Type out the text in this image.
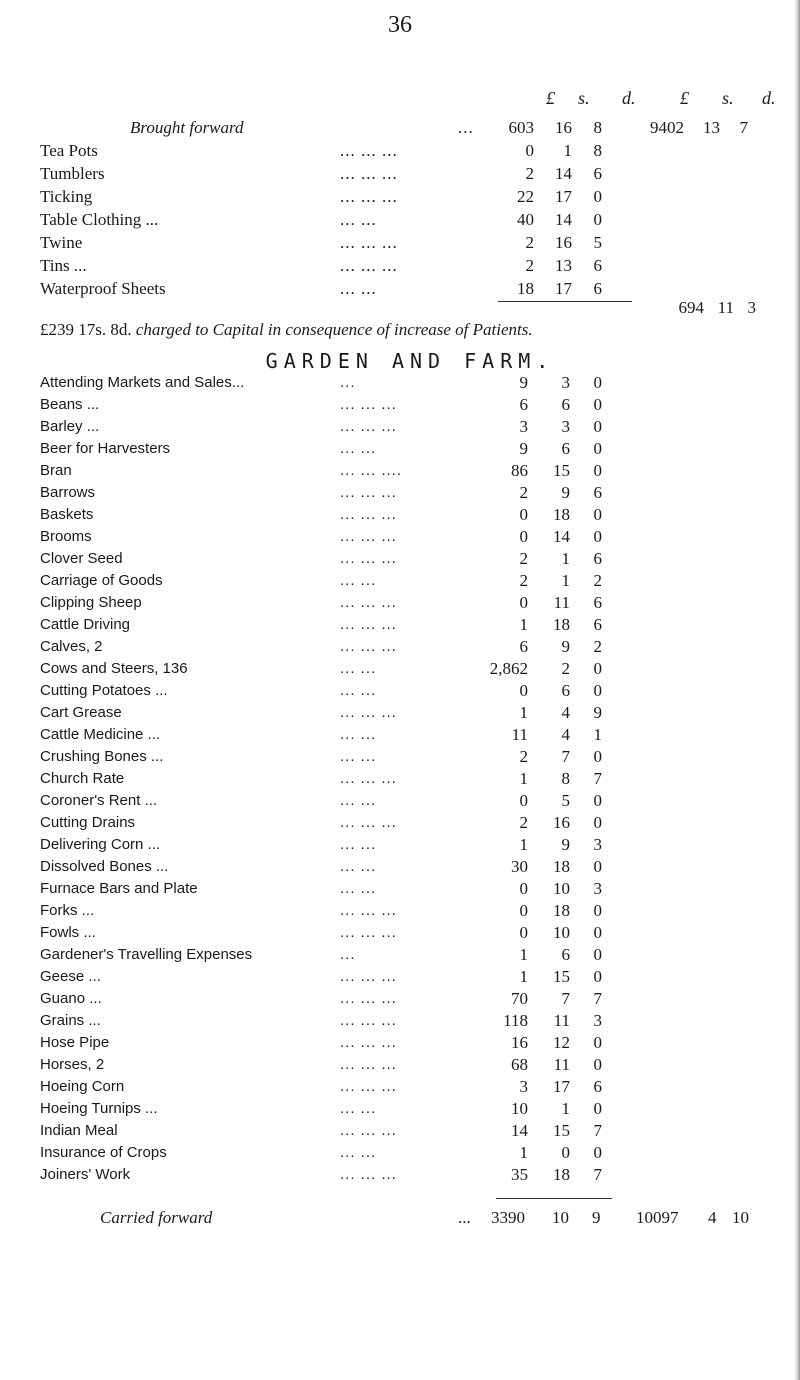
36
£ s. d. £ s. d.
Brought forward	...	603	16	8	9402	13	7
Tea Pots	... ... ...	0	1	8
Tumblers	... ... ...	2	14	6
Ticking	... ... ...	22	17	0
Table Clothing ...	... ...	40	14	0
Twine	... ... ...	2	16	5
Tins ...	... ... ...	2	13	6
Waterproof Sheets	... ...	18	17	6
694 11 3
£239 17s. 8d. charged to Capital in consequence of increase of Patients.
GARDEN AND FARM.
Attending Markets and Sales...	...	9	3	0
Beans ...	... ... ...	6	6	0
Barley ...	... ... ...	3	3	0
Beer for Harvesters	... ...	9	6	0
Bran	... ... ....	86	15	0
Barrows	... ... ...	2	9	6
Baskets	... ... ...	0	18	0
Brooms	... ... ...	0	14	0
Clover Seed	... ... ...	2	1	6
Carriage of Goods	... ...	2	1	2
Clipping Sheep	... ... ...	0	11	6
Cattle Driving	... ... ...	1	18	6
Calves, 2	... ... ...	6	9	2
Cows and Steers, 136	... ...	2,862	2	0
Cutting Potatoes ...	... ...	0	6	0
Cart Grease	... ... ...	1	4	9
Cattle Medicine ...	... ...	11	4	1
Crushing Bones ...	... ...	2	7	0
Church Rate	... ... ...	1	8	7
Coroner's Rent ...	... ...	0	5	0
Cutting Drains	... ... ...	2	16	0
Delivering Corn ...	... ...	1	9	3
Dissolved Bones ...	... ...	30	18	0
Furnace Bars and Plate	... ...	0	10	3
Forks ...	... ... ...	0	18	0
Fowls ...	... ... ...	0	10	0
Gardener's Travelling Expenses	...	1	6	0
Geese ...	... ... ...	1	15	0
Guano ...	... ... ...	70	7	7
Grains ...	... ... ...	118	11	3
Hose Pipe	... ... ...	16	12	0
Horses, 2	... ... ...	68	11	0
Hoeing Corn	... ... ...	3	17	6
Hoeing Turnips ...	... ...	10	1	0
Indian Meal	... ... ...	14	15	7
Insurance of Crops	... ...	1	0	0
Joiners' Work	... ... ...	35	18	7
Carried forward	... 3390 10 9 10097 4 10
